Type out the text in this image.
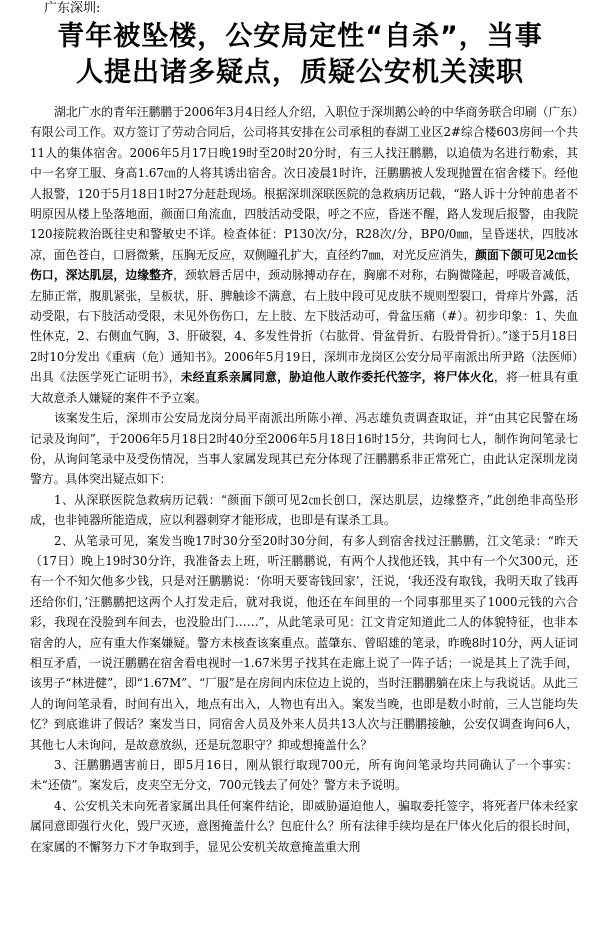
广东深圳:
青年被坠楼，公安局定性“自杀”，当事
人提出诸多疑点，质疑公安机关渎职

湖北广水的青年汪鹏鹏于2006年3月4日经人介绍，入职位于深圳鹅公岭的中华商务联合印刷（广东）有限公司工作。双方签订了劳动合同后，公司将其安排在公司承租的春湖工业区2#综合楼603房间一个共11人的集体宿舍。2006年5月17日晚19时至20时20分时，有三人找汪鹏鹏，以追债为名进行勒索，其中一名穿工服、身高1.67㎝的人将其诱出宿舍。次日凌晨1时许，汪鹏鹏被人发现抛置在宿舍楼下。经他人报警，120于5月18日1时27分赶赴现场。根据深圳深联医院的急救病历记载，“路人诉十分钟前患者不明原因从楼上坠落地面，颜面口角流血，四肢活动受限，呼之不应，昏迷不醒，路人发现后报警，由我院120接院救治既往史和警敏史不详。检查体征：P130次/分，R28次/分，BP0/0㎜，呈昏迷状，四肢冰凉，面色苍白，口唇微紫，压胸无反应，双侧瞳孔扩大，直径约7㎜，对光反应消失，颜面下颌可见2㎝长伤口，深达肌层，边缘整齐，颈软唇舌居中，颈动脉搏动存在，胸廓不对称，右胸微隆起，呼吸音减低，左肺正常，腹肌紧张，呈板状，肝、脾触诊不满意，右上肢中段可见皮肤不规则型裂口，骨痒片外露，活动受限，右下肢活动受限，未见外伤伤口，左上肢、左下肢活动可，骨盆压痛（#）。初步印象：1、失血性休克，2、右侧血气胸，3、肝破裂，4、多发性骨折（右肱骨、骨盆骨折、右股骨骨折）。”遂于5月18日2时10分发出《重病（危）通知书》。2006年5月19日，深圳市龙岗区公安分局平南派出所尹路（法医师）出具《法医学死亡证明书》，未经直系亲属同意，胁迫他人敢作委托代签字，将尸体火化，将一桩具有重大故意杀人嫌疑的案件不予立案。

该案发生后，深圳市公安局龙岗分局平南派出所陈小禅、冯志雄负责调查取证，并“由其它民警在场记录及询问”，于2006年5月18日2时40分至2006年5月18日16时15分，共询问七人，制作询问笔录七份，从询问笔录中及受伤情况，当事人家属发现其已充分体现了汪鹏鹏系非正常死亡，由此认定深圳龙岗警方。具体突出疑点如下：

1、从深联医院急救病历记载：“颜面下颌可见2㎝长创口，深达肌层，边缘整齐，”此创绝非高坠形成，也非钝器所能造成，应以利器刺穿才能形成，也即是有谋杀工具。

2、从笔录可见，案发当晚17时30分至20时30分间，有多人到宿舍找过汪鹏鹏，江文笔录：“昨天（17日）晚上19时30分许，我准备去上班，听汪鹏鹏说，有两个人找他还钱，其中有一个欠300元，还有一个不知欠他多少钱，只是对汪鹏鹏说：‘你明天要寄钱回家’，汪说，‘我还没有取钱，我明天取了钱再还给你们，’汪鹏鹏把这两个人打发走后，就对我说，他还在车间里的一个同事那里买了1000元钱的六合彩，我现在没脸到车间去，也没脸出门……”，从此笔录可见：江文肯定知道此二人的体貌特征，也非本宿舍的人，应有重大作案嫌疑。警方未核查该案重点。蓝肇东、曾昭雄的笔录，昨晚8时10分，两人证词相互矛盾，一说汪鹏鹏在宿舍看电视时一1.67米男子找其在走廊上说了一阵子话；一说是其上了洗手间，该男子“林进健”，即“1.67M”、“厂服”是在房间内床位边上说的，当时汪鹏鹏躺在床上与我说话。从此三人的询问笔录看，时间有出入，地点有出入，人物也有出入。案发当晚，也即是数小时前，三人岂能均失忆？到底谁讲了假话？案发当日，同宿舍人员及外来人员共13人次与汪鹏鹏接触，公安仅调查询问6人，其他七人未询问，是故意放纵，还是玩忽职守？抑或想掩盖什么？

3、汪鹏鹏遇害前日，即5月16日，刚从银行取现700元，所有询问笔录均共同确认了一个事实：未“还债”。案发后，皮夹空无分文，700元钱去了何处？警方未予说明。

4、公安机关未向死者家属出具任何案件结论，即威胁逼迫他人，骗取委托签字，将死者尸体未经家属同意即强行火化，毁尸灭迹，意图掩盖什么？包庇什么？所有法律手续均是在尸体火化后的很长时间，在家属的不懈努力下才争取到手，显见公安机关故意掩盖重大刑
